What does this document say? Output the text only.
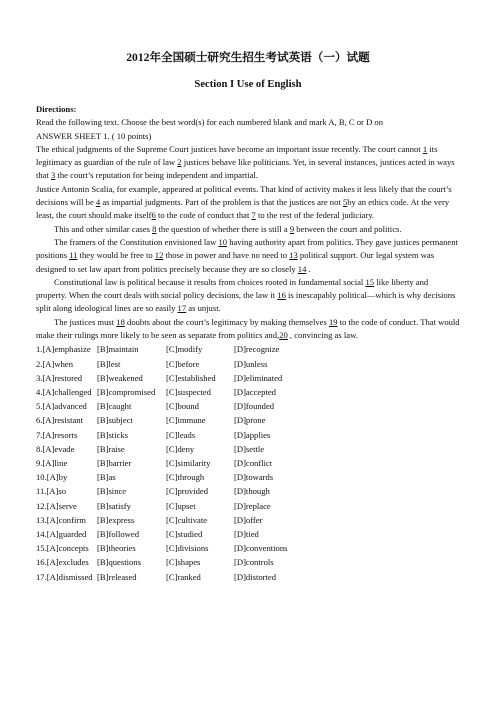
2012年全国硕士研究生招生考试英语（一）试题
Section I Use of English
Directions:
Read the following text. Choose the best word(s) for each numbered blank and mark A, B, C or D on
ANSWER SHEET 1. ( 10 points)
The ethical judgments of the Supreme Court justices have become an important issue recently. The court cannot 1 its legitimacy as guardian of the rule of law 2 justices behave like politicians. Yet, in several instances, justices acted in ways that 3 the court’s reputation for being independent and impartial.
Justice Antonin Scalia, for example, appeared at political events. That kind of activity makes it less likely that the court’s decisions will be 4 as impartial judgments. Part of the problem is that the justices are not 5by an ethics code. At the very least, the court should make itself6 to the code of conduct that 7 to the rest of the federal judiciary.
This and other similar cases 8 the question of whether there is still a 9 between the court and politics.
The framers of the Constitution envisioned law 10 having authority apart from politics. They gave justices permanent positions 11 they would be free to 12 those in power and have no need to 13 political support. Our legal system was designed to set law apart from politics precisely because they are so closely 14 .
Constitutional law is political because it results from choices rooted in fundamental social 15 like liberty and property. When the court deals with social policy decisions, the law it 16 is inescapably political—which is why decisions split along ideological lines are so easily 17 as unjust.
The justices must 18 doubts about the court’s legitimacy by making themselves 19 to the code of conduct. That would make their rulings more likely to be seen as separate from politics and,20 , convincing as law.
1.[A]emphasize [B]maintain	[C]modify	[D]recognize
2.[A]when	[B]lest	[C]before	[D]unless
3.[A]restored	[B]weakened	[C]established	[D]eliminated
4.[A]challenged [B]compromised	[C]suspected	[D]accepted
5.[A]advanced	[B]caught	[C]bound	[D]founded
6.[A]resistant	[B]subject	[C]immune	[D]prone
7.[A]resorts	[B]sticks	[C]leads	[D]applies
8.[A]evade	[B]raise	[C]deny	[D]settle
9.[A]line	[B]barrier	[C]similarity	[D]conflict
10.[A]by	[B]as	[C]through	[D]towards
11.[A]so	[B]since	[C]provided	[D]though
12.[A]serve	[B]satisfy	[C]upset	[D]replace
13.[A]confirm	[B]express	[C]cultivate	[D]offer
14.[A]guarded	[B]followed	[C]studied	[D]tied
15.[A]concepts [B]theories	[C]divisions	[D]conventions
16.[A]excludes [B]questions	[C]shapes	[D]controls
17.[A]dismissed [B]released	[C]ranked	[D]distorted
